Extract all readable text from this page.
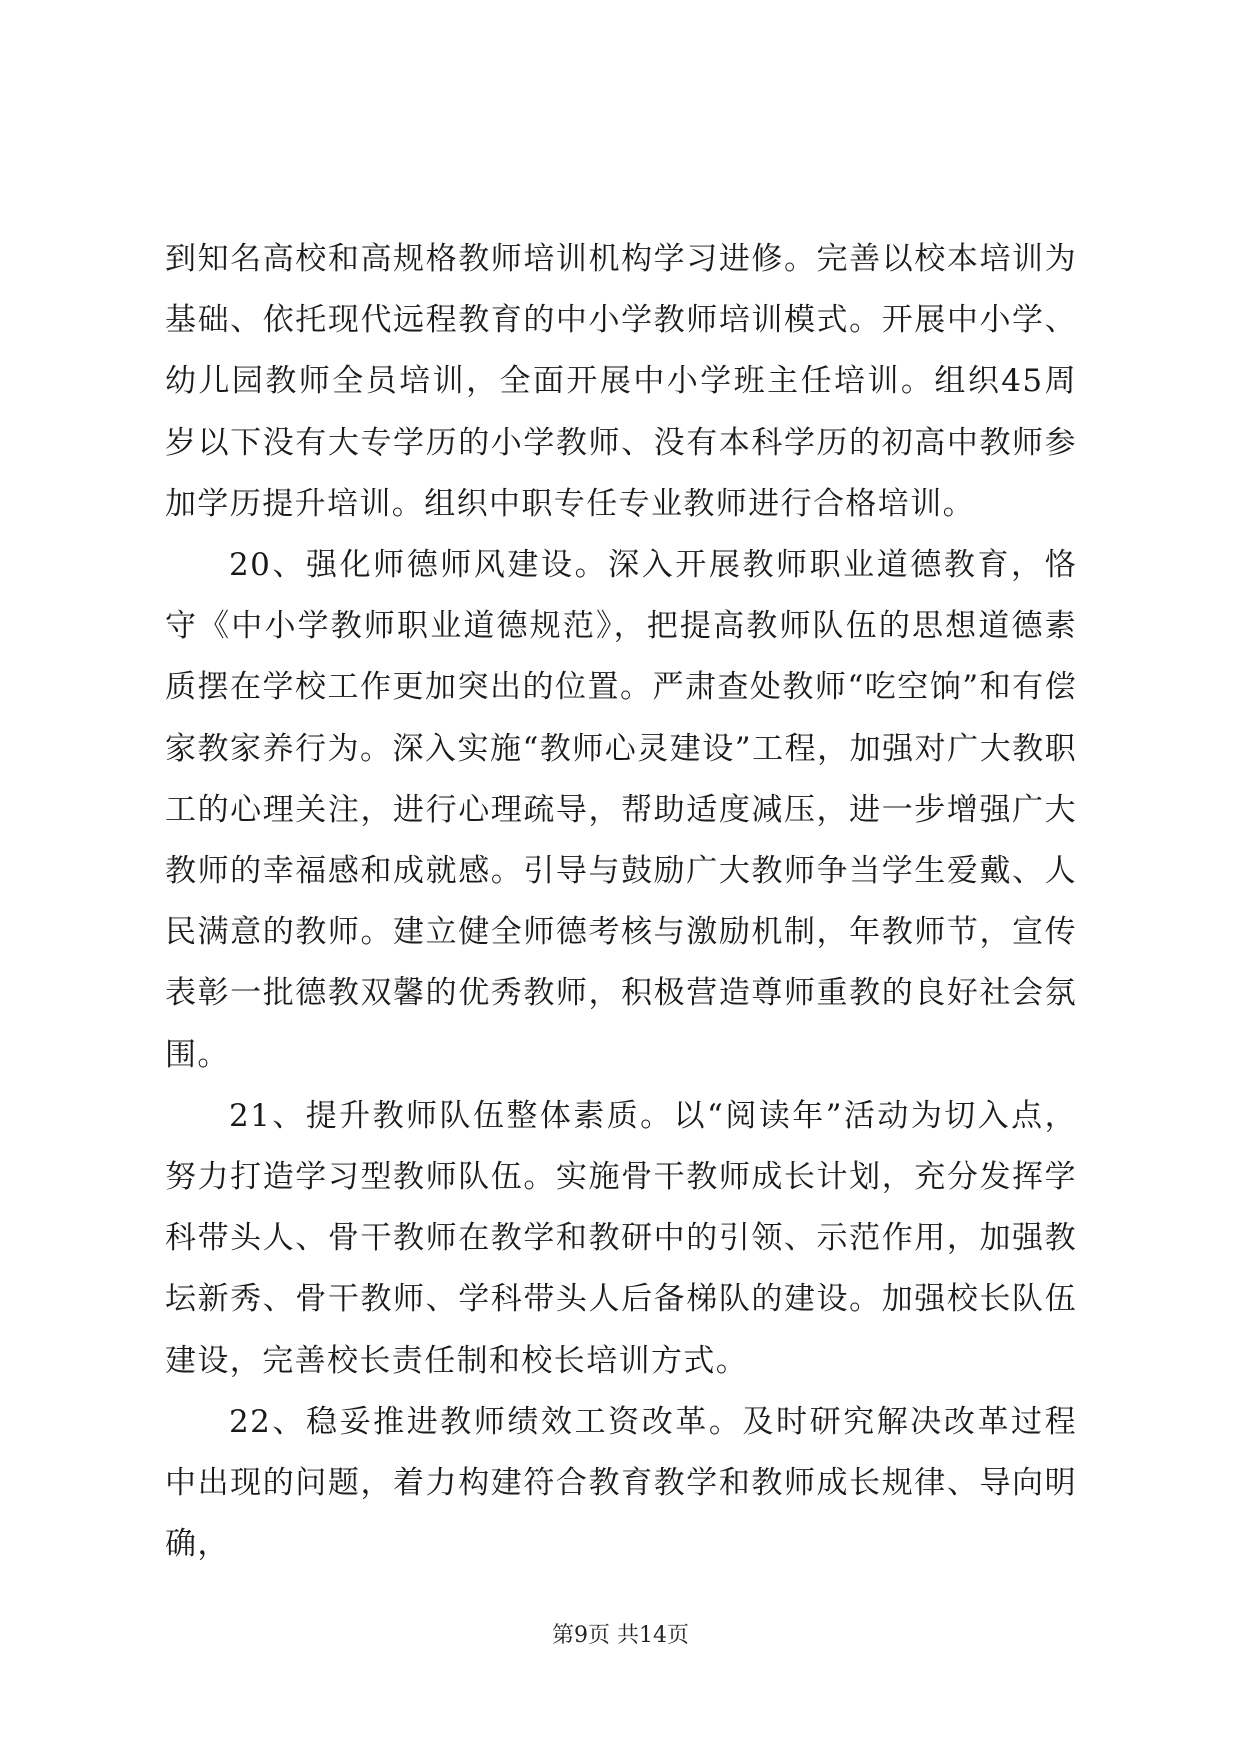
到知名高校和高规格教师培训机构学习进修。完善以校本培训为基础、依托现代远程教育的中小学教师培训模式。开展中小学、幼儿园教师全员培训，全面开展中小学班主任培训。组织45周岁以下没有大专学历的小学教师、没有本科学历的初高中教师参加学历提升培训。组织中职专任专业教师进行合格培训。

20、强化师德师风建设。深入开展教师职业道德教育，恪守《中小学教师职业道德规范》，把提高教师队伍的思想道德素质摆在学校工作更加突出的位置。严肃查处教师“吃空饷”和有偿家教家养行为。深入实施“教师心灵建设”工程，加强对广大教职工的心理关注，进行心理疏导，帮助适度减压，进一步增强广大教师的幸福感和成就感。引导与鼓励广大教师争当学生爱戴、人民满意的教师。建立健全师德考核与激励机制，年教师节，宣传表彰一批德教双馨的优秀教师，积极营造尊师重教的良好社会氛围。

21、提升教师队伍整体素质。以“阅读年”活动为切入点，努力打造学习型教师队伍。实施骨干教师成长计划，充分发挥学科带头人、骨干教师在教学和教研中的引领、示范作用，加强教坛新秀、骨干教师、学科带头人后备梯队的建设。加强校长队伍建设，完善校长责任制和校长培训方式。

22、稳妥推进教师绩效工资改革。及时研究解决改革过程中出现的问题，着力构建符合教育教学和教师成长规律、导向明确，

第9页 共14页
